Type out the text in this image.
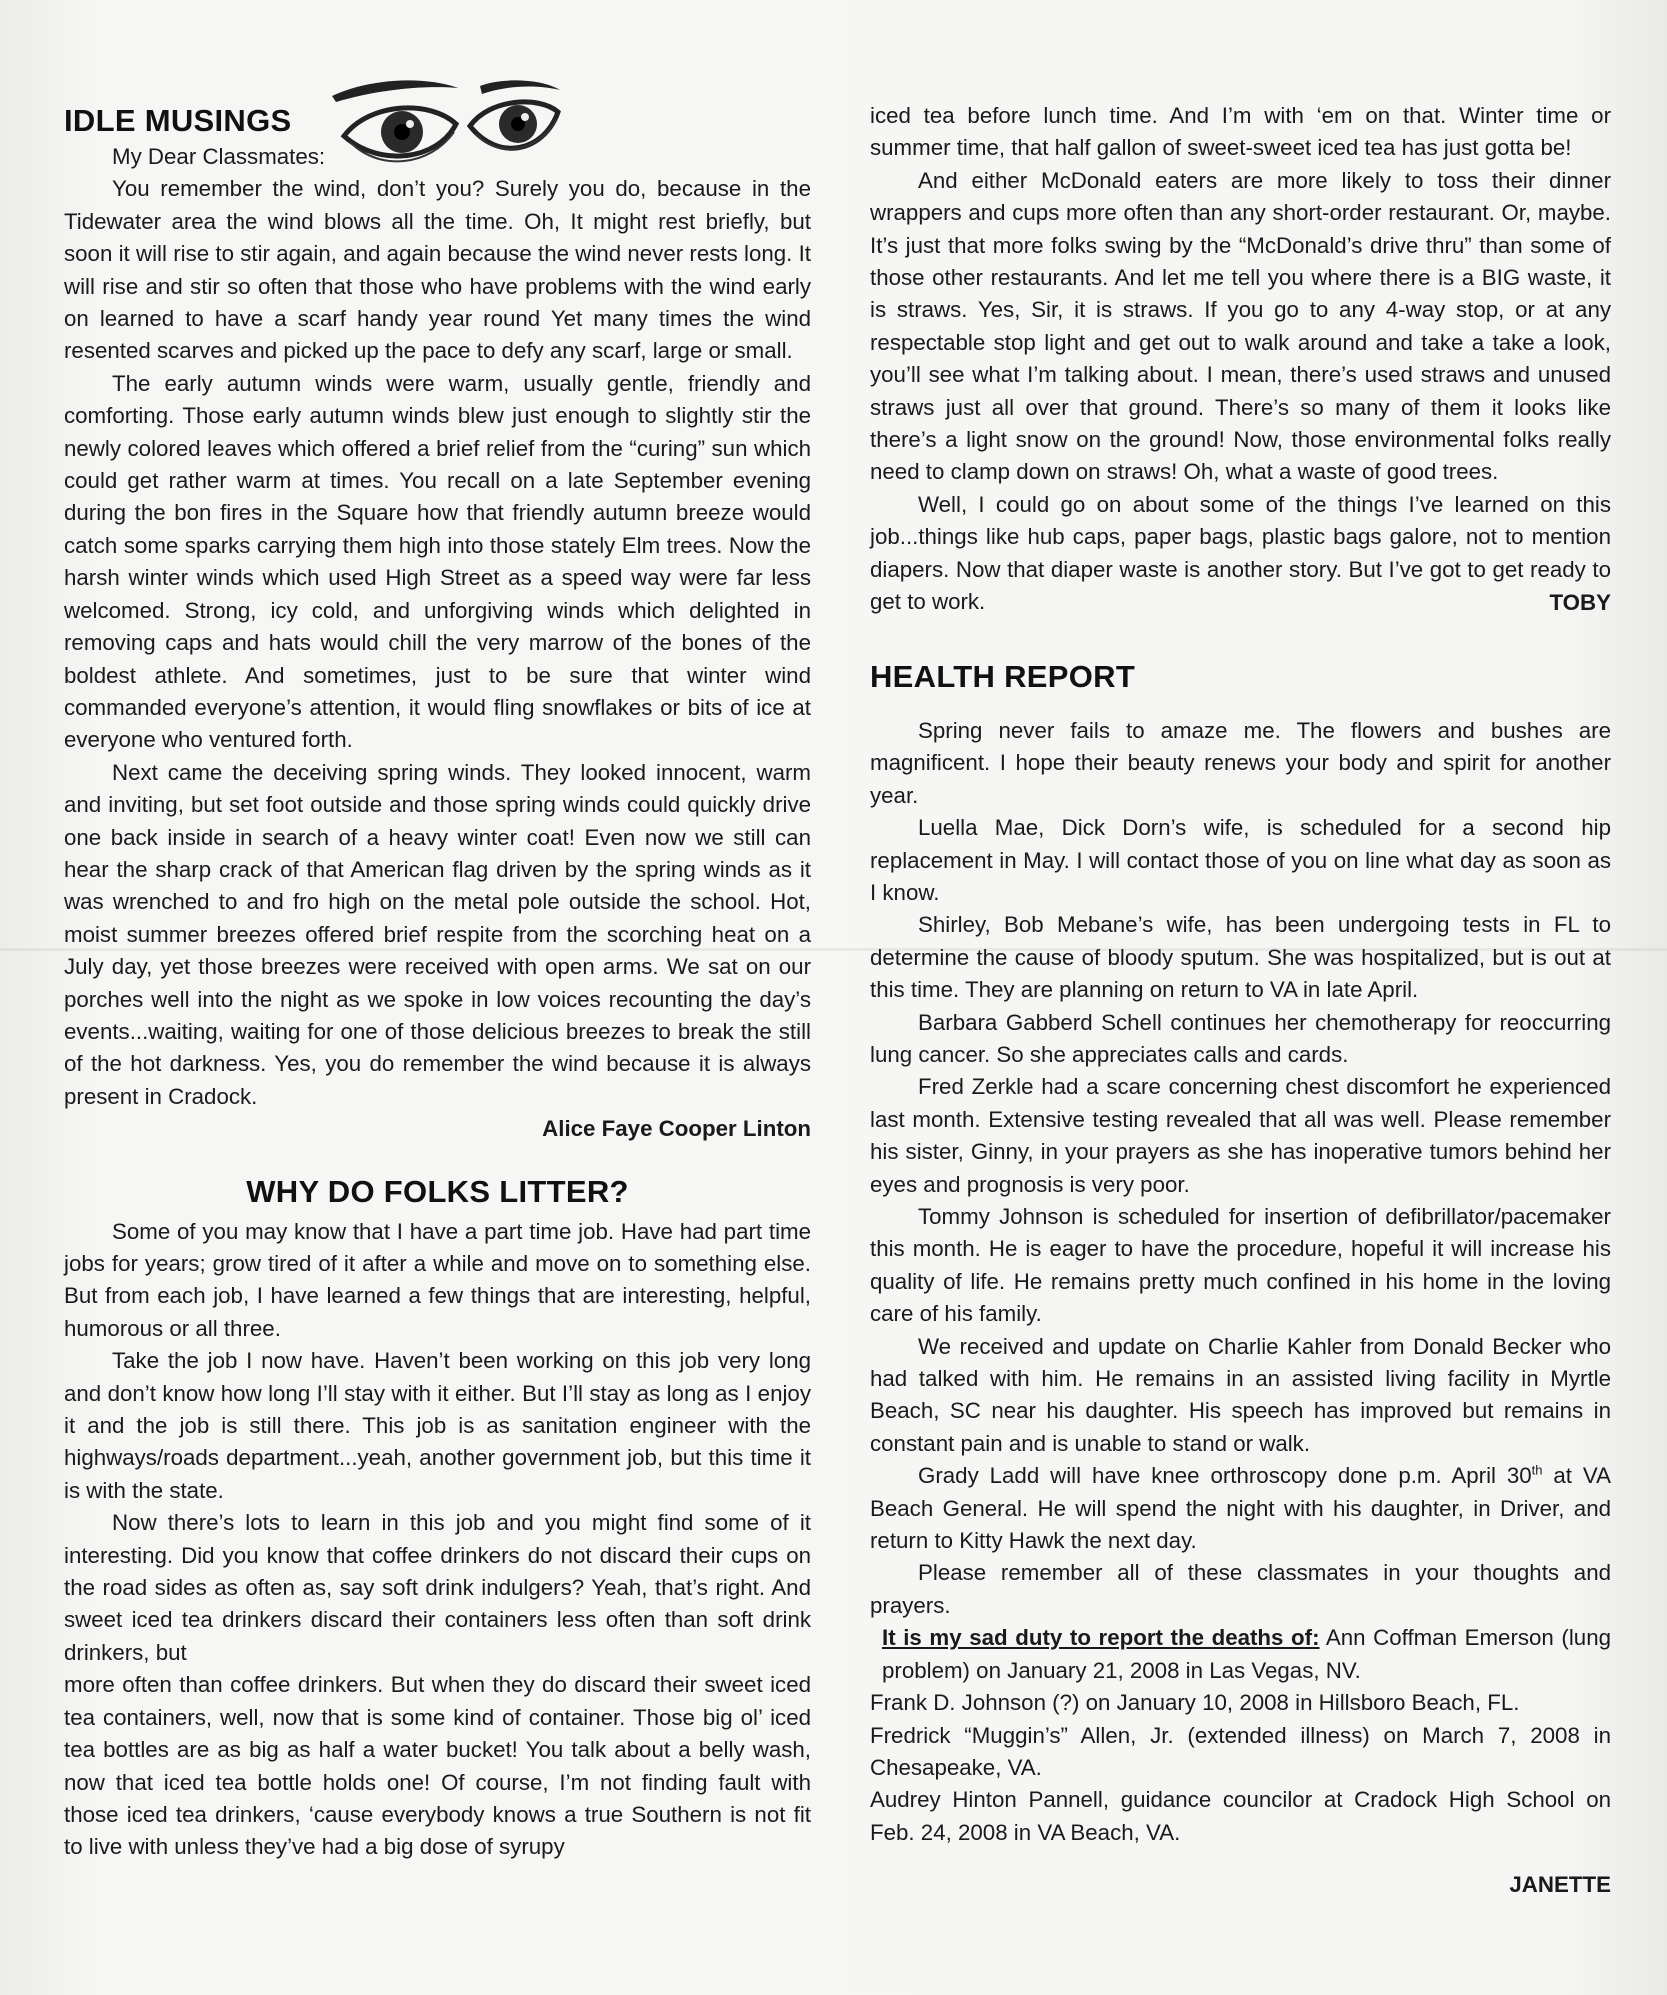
IDLE MUSINGS

My Dear Classmates:

You remember the wind, don’t you? Surely you do, because in the Tidewater area the wind blows all the time. Oh, It might rest briefly, but soon it will rise to stir again, and again because the wind never rests long. It will rise and stir so often that those who have problems with the wind early on learned to have a scarf handy year round Yet many times the wind resented scarves and picked up the pace to defy any scarf, large or small.

The early autumn winds were warm, usually gentle, friendly and comforting. Those early autumn winds blew just enough to slightly stir the newly colored leaves which offered a brief relief from the “curing” sun which could get rather warm at times. You recall on a late September evening during the bon fires in the Square how that friendly autumn breeze would catch some sparks carrying them high into those stately Elm trees. Now the harsh winter winds which used High Street as a speed way were far less welcomed. Strong, icy cold, and unforgiving winds which delighted in removing caps and hats would chill the very marrow of the bones of the boldest athlete. And sometimes, just to be sure that winter wind commanded everyone’s attention, it would fling snowflakes or bits of ice at everyone who ventured forth.

Next came the deceiving spring winds. They looked innocent, warm and inviting, but set foot outside and those spring winds could quickly drive one back inside in search of a heavy winter coat! Even now we still can hear the sharp crack of that American flag driven by the spring winds as it was wrenched to and fro high on the metal pole outside the school. Hot, moist summer breezes offered brief respite from the scorching heat on a July day, yet those breezes were received with open arms. We sat on our porches well into the night as we spoke in low voices recounting the day’s events...waiting, waiting for one of those delicious breezes to break the still of the hot darkness. Yes, you do remember the wind because it is always present in Cradock.

Alice Faye Cooper Linton

WHY DO FOLKS LITTER?

Some of you may know that I have a part time job. Have had part time jobs for years; grow tired of it after a while and move on to something else. But from each job, I have learned a few things that are interesting, helpful, humorous or all three.

Take the job I now have. Haven’t been working on this job very long and don’t know how long I’ll stay with it either. But I’ll stay as long as I enjoy it and the job is still there. This job is as sanitation engineer with the highways/roads department...yeah, another government job, but this time it is with the state.

Now there’s lots to learn in this job and you might find some of it interesting. Did you know that coffee drinkers do not discard their cups on the road sides as often as, say soft drink indulgers? Yeah, that’s right. And sweet iced tea drinkers discard their containers less often than soft drink drinkers, but

more often than coffee drinkers. But when they do discard their sweet iced tea containers, well, now that is some kind of container. Those big ol’ iced tea bottles are as big as half a water bucket! You talk about a belly wash, now that iced tea bottle holds one! Of course, I’m not finding fault with those iced tea drinkers, ‘cause everybody knows a true Southern is not fit to live with unless they’ve had a big dose of syrupy

iced tea before lunch time. And I’m with ‘em on that. Winter time or summer time, that half gallon of sweet-sweet iced tea has just gotta be!

And either McDonald eaters are more likely to toss their dinner wrappers and cups more often than any short-order restaurant. Or, maybe. It’s just that more folks swing by the “McDonald’s drive thru” than some of those other restaurants. And let me tell you where there is a BIG waste, it is straws. Yes, Sir, it is straws. If you go to any 4-way stop, or at any respectable stop light and get out to walk around and take a take a look, you’ll see what I’m talking about. I mean, there’s used straws and unused straws just all over that ground. There’s so many of them it looks like there’s a light snow on the ground! Now, those environmental folks really need to clamp down on straws! Oh, what a waste of good trees.

Well, I could go on about some of the things I’ve learned on this job...things like hub caps, paper bags, plastic bags galore, not to mention diapers. Now that diaper waste is another story. But I’ve got to get ready to get to work.	TOBY

HEALTH REPORT

Spring never fails to amaze me. The flowers and bushes are magnificent. I hope their beauty renews your body and spirit for another year.

Luella Mae, Dick Dorn’s wife, is scheduled for a second hip replacement in May. I will contact those of you on line what day as soon as I know.

Shirley, Bob Mebane’s wife, has been undergoing tests in FL to determine the cause of bloody sputum. She was hospitalized, but is out at this time. They are planning on return to VA in late April.

Barbara Gabberd Schell continues her chemotherapy for reoccurring lung cancer. So she appreciates calls and cards.

Fred Zerkle had a scare concerning chest discomfort he experienced last month. Extensive testing revealed that all was well. Please remember his sister, Ginny, in your prayers as she has inoperative tumors behind her eyes and prognosis is very poor.

Tommy Johnson is scheduled for insertion of defibrillator/pacemaker this month. He is eager to have the procedure, hopeful it will increase his quality of life. He remains pretty much confined in his home in the loving care of his family.

We received and update on Charlie Kahler from Donald Becker who had talked with him. He remains in an assisted living facility in Myrtle Beach, SC near his daughter. His speech has improved but remains in constant pain and is unable to stand or walk.

Grady Ladd will have knee orthroscopy done p.m. April 30th at VA Beach General. He will spend the night with his daughter, in Driver, and return to Kitty Hawk the next day.

Please remember all of these classmates in your thoughts and prayers.

It is my sad duty to report the deaths of: Ann Coffman Emerson (lung problem) on January 21, 2008 in Las Vegas, NV.

Frank D. Johnson (?) on January 10, 2008 in Hillsboro Beach, FL.

Fredrick “Muggin’s” Allen, Jr. (extended illness) on March 7, 2008 in Chesapeake, VA.

Audrey Hinton Pannell, guidance councilor at Cradock High School on Feb. 24, 2008 in VA Beach, VA.

JANETTE
